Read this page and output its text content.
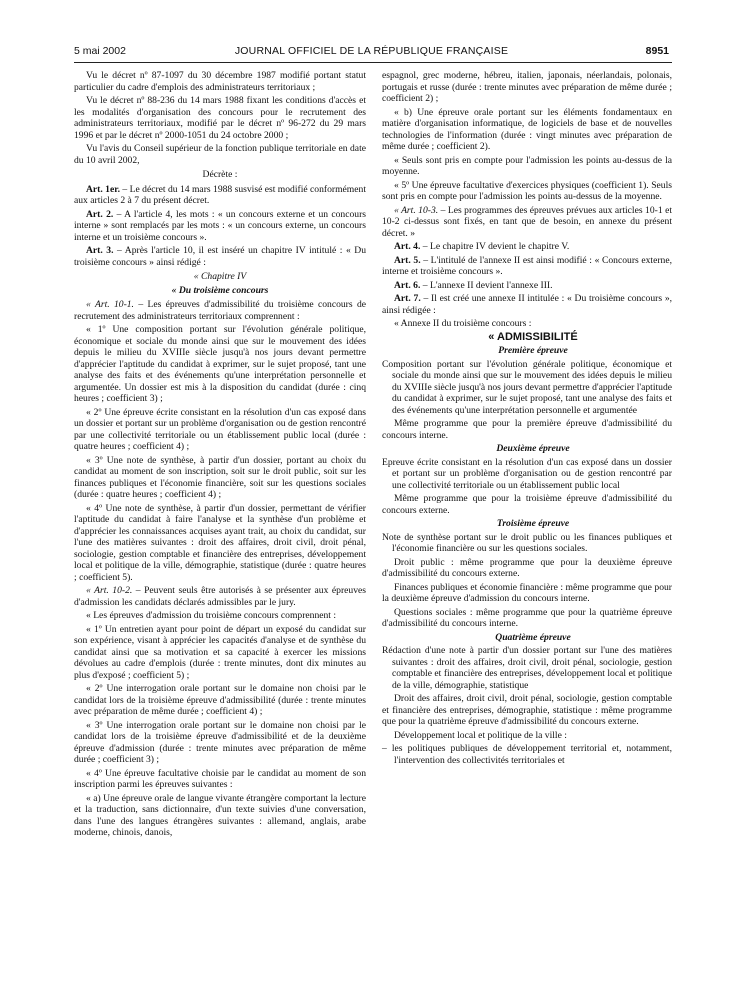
5 mai 2002	JOURNAL OFFICIEL DE LA RÉPUBLIQUE FRANÇAISE	8951

Vu le décret nº 87-1097 du 30 décembre 1987 modifié portant statut particulier du cadre d'emplois des administrateurs territoriaux ;

Vu le décret nº 88-236 du 14 mars 1988 fixant les conditions d'accès et les modalités d'organisation des concours pour le recrutement des administrateurs territoriaux, modifié par le décret nº 96-272 du 29 mars 1996 et par le décret nº 2000-1051 du 24 octobre 2000 ;

Vu l'avis du Conseil supérieur de la fonction publique territoriale en date du 10 avril 2002,

Décrète :

Art. 1er. – Le décret du 14 mars 1988 susvisé est modifié conformément aux articles 2 à 7 du présent décret.

Art. 2. – A l'article 4, les mots : « un concours externe et un concours interne » sont remplacés par les mots : « un concours externe, un concours interne et un troisième concours ».

Art. 3. – Après l'article 10, il est inséré un chapitre IV intitulé : « Du troisième concours » ainsi rédigé :

« Chapitre IV

« Du troisième concours

« Art. 10-1. – Les épreuves d'admissibilité du troisième concours de recrutement des administrateurs territoriaux comprennent :

« 1º Une composition portant sur l'évolution générale politique, économique et sociale du monde ainsi que sur le mouvement des idées depuis le milieu du XVIIIe siècle jusqu'à nos jours devant permettre d'apprécier l'aptitude du candidat à exprimer, sur le sujet proposé, tant une analyse des faits et des événements qu'une interprétation personnelle et argumentée. Un dossier est mis à la disposition du candidat (durée : cinq heures ; coefficient 3) ;

« 2º Une épreuve écrite consistant en la résolution d'un cas exposé dans un dossier et portant sur un problème d'organisation ou de gestion rencontré par une collectivité territoriale ou un établissement public local (durée : quatre heures ; coefficient 4) ;

« 3º Une note de synthèse, à partir d'un dossier, portant au choix du candidat au moment de son inscription, soit sur le droit public, soit sur les finances publiques et l'économie financière, soit sur les questions sociales (durée : quatre heures ; coefficient 4) ;

« 4º Une note de synthèse, à partir d'un dossier, permettant de vérifier l'aptitude du candidat à faire l'analyse et la synthèse d'un problème et d'apprécier les connaissances acquises ayant trait, au choix du candidat, sur l'une des matières suivantes : droit des affaires, droit civil, droit pénal, sociologie, gestion comptable et financière des entreprises, développement local et politique de la ville, démographie, statistique (durée : quatre heures ; coefficient 5).

« Art. 10-2. – Peuvent seuls être autorisés à se présenter aux épreuves d'admission les candidats déclarés admissibles par le jury.

« Les épreuves d'admission du troisième concours comprennent :

« 1º Un entretien ayant pour point de départ un exposé du candidat sur son expérience, visant à apprécier les capacités d'analyse et de synthèse du candidat ainsi que sa motivation et sa capacité à exercer les missions dévolues au cadre d'emplois (durée : trente minutes, dont dix minutes au plus d'exposé ; coefficient 5) ;

« 2º Une interrogation orale portant sur le domaine non choisi par le candidat lors de la troisième épreuve d'admissibilité (durée : trente minutes avec préparation de même durée ; coefficient 4) ;

« 3º Une interrogation orale portant sur le domaine non choisi par le candidat lors de la troisième épreuve d'admissibilité et de la deuxième épreuve d'admission (durée : trente minutes avec préparation de même durée ; coefficient 3) ;

« 4º Une épreuve facultative choisie par le candidat au moment de son inscription parmi les épreuves suivantes :

« a) Une épreuve orale de langue vivante étrangère comportant la lecture et la traduction, sans dictionnaire, d'un texte suivies d'une conversation, dans l'une des langues étrangères suivantes : allemand, anglais, arabe moderne, chinois, danois,

espagnol, grec moderne, hébreu, italien, japonais, néerlandais, polonais, portugais et russe (durée : trente minutes avec préparation de même durée ; coefficient 2) ;

« b) Une épreuve orale portant sur les éléments fondamentaux en matière d'organisation informatique, de logiciels de base et de nouvelles technologies de l'information (durée : vingt minutes avec préparation de même durée ; coefficient 2).

« Seuls sont pris en compte pour l'admission les points au-dessus de la moyenne.

« 5º Une épreuve facultative d'exercices physiques (coefficient 1). Seuls sont pris en compte pour l'admission les points au-dessus de la moyenne.

« Art. 10-3. – Les programmes des épreuves prévues aux articles 10-1 et 10-2 ci-dessus sont fixés, en tant que de besoin, en annexe du présent décret. »

Art. 4. – Le chapitre IV devient le chapitre V.

Art. 5. – L'intitulé de l'annexe II est ainsi modifié : « Concours externe, interne et troisième concours ».

Art. 6. – L'annexe II devient l'annexe III.

Art. 7. – Il est créé une annexe II intitulée : « Du troisième concours », ainsi rédigée :

« Annexe II du troisième concours :

« ADMISSIBILITÉ

Première épreuve

Composition portant sur l'évolution générale politique, économique et sociale du monde ainsi que sur le mouvement des idées depuis le milieu du XVIIIe siècle jusqu'à nos jours devant permettre d'apprécier l'aptitude du candidat à exprimer, sur le sujet proposé, tant une analyse des faits et des événements qu'une interprétation personnelle et argumentée

Même programme que pour la première épreuve d'admissibilité du concours interne.

Deuxième épreuve

Epreuve écrite consistant en la résolution d'un cas exposé dans un dossier et portant sur un problème d'organisation ou de gestion rencontré par une collectivité territoriale ou un établissement public local

Même programme que pour la troisième épreuve d'admissibilité du concours externe.

Troisième épreuve

Note de synthèse portant sur le droit public ou les finances publiques et l'économie financière ou sur les questions sociales.

Droit public : même programme que pour la deuxième épreuve d'admissibilité du concours externe.

Finances publiques et économie financière : même programme que pour la deuxième épreuve d'admission du concours interne.

Questions sociales : même programme que pour la quatrième épreuve d'admissibilité du concours interne.

Quatrième épreuve

Rédaction d'une note à partir d'un dossier portant sur l'une des matières suivantes : droit des affaires, droit civil, droit pénal, sociologie, gestion comptable et financière des entreprises, développement local et politique de la ville, démographie, statistique

Droit des affaires, droit civil, droit pénal, sociologie, gestion comptable et financière des entreprises, démographie, statistique : même programme que pour la quatrième épreuve d'admissibilité du concours externe.

Développement local et politique de la ville :

– les politiques publiques de développement territorial et, notamment, l'intervention des collectivités territoriales et
